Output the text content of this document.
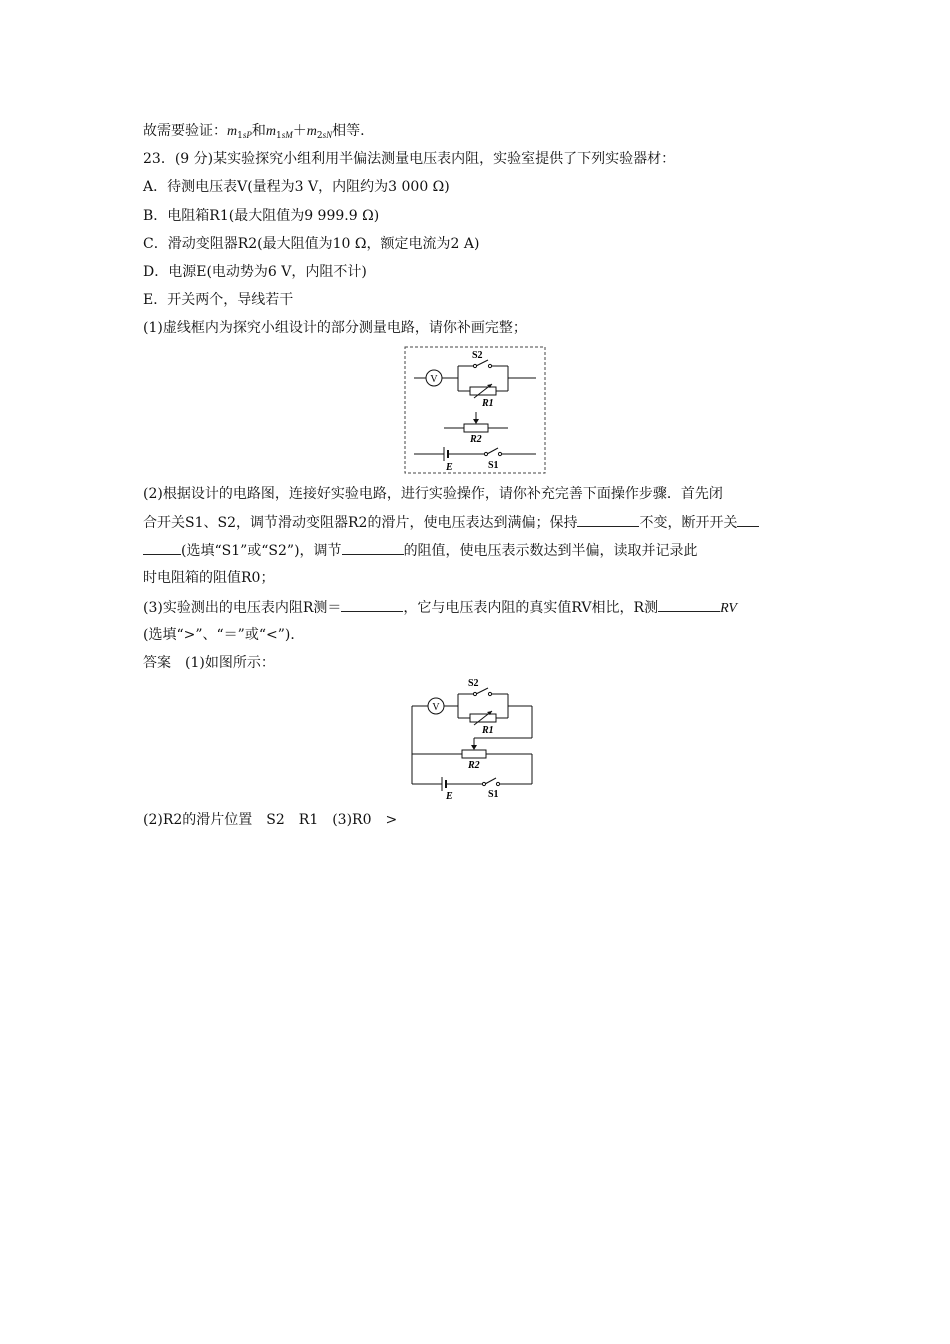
故需要验证：$m_{1sP}$和$m_{1sM}+m_{2sN}$相等.
23．(9 分)某实验探究小组利用半偏法测量电压表内阻，实验室提供了下列实验器材：
A．待测电压表V(量程为3 V，内阻约为3 000 Ω)
B．电阻箱R1(最大阻值为9 999.9 Ω)
C．滑动变阻器R2(最大阻值为10 Ω，额定电流为2 A)
D．电源E(电动势为6 V，内阻不计)
E．开关两个，导线若干
(1)虚线框内为探究小组设计的部分测量电路，请你补画完整；
V
S2
R1
R2
E	S1
(2)根据设计的电路图，连接好实验电路，进行实验操作，请你补充完善下面操作步骤．首先闭
合开关S1、S2，调节滑动变阻器R2的滑片，使电压表达到满偏；保持	不变，断开开关
(选填“S1”或“S2”)，调节	的阻值，使电压表示数达到半偏，读取并记录此
时电阻箱的阻值R0；
(3)实验测出的电压表内阻R测＝	，它与电压表内阻的真实值RV相比，R测	RV
(选填“>”、“＝”或“<”)．
答案　 (1)如图所示：
V
S2
R1
R2
E	S1
(2)R2的滑片位置　S2　R1　(3)R0　>
